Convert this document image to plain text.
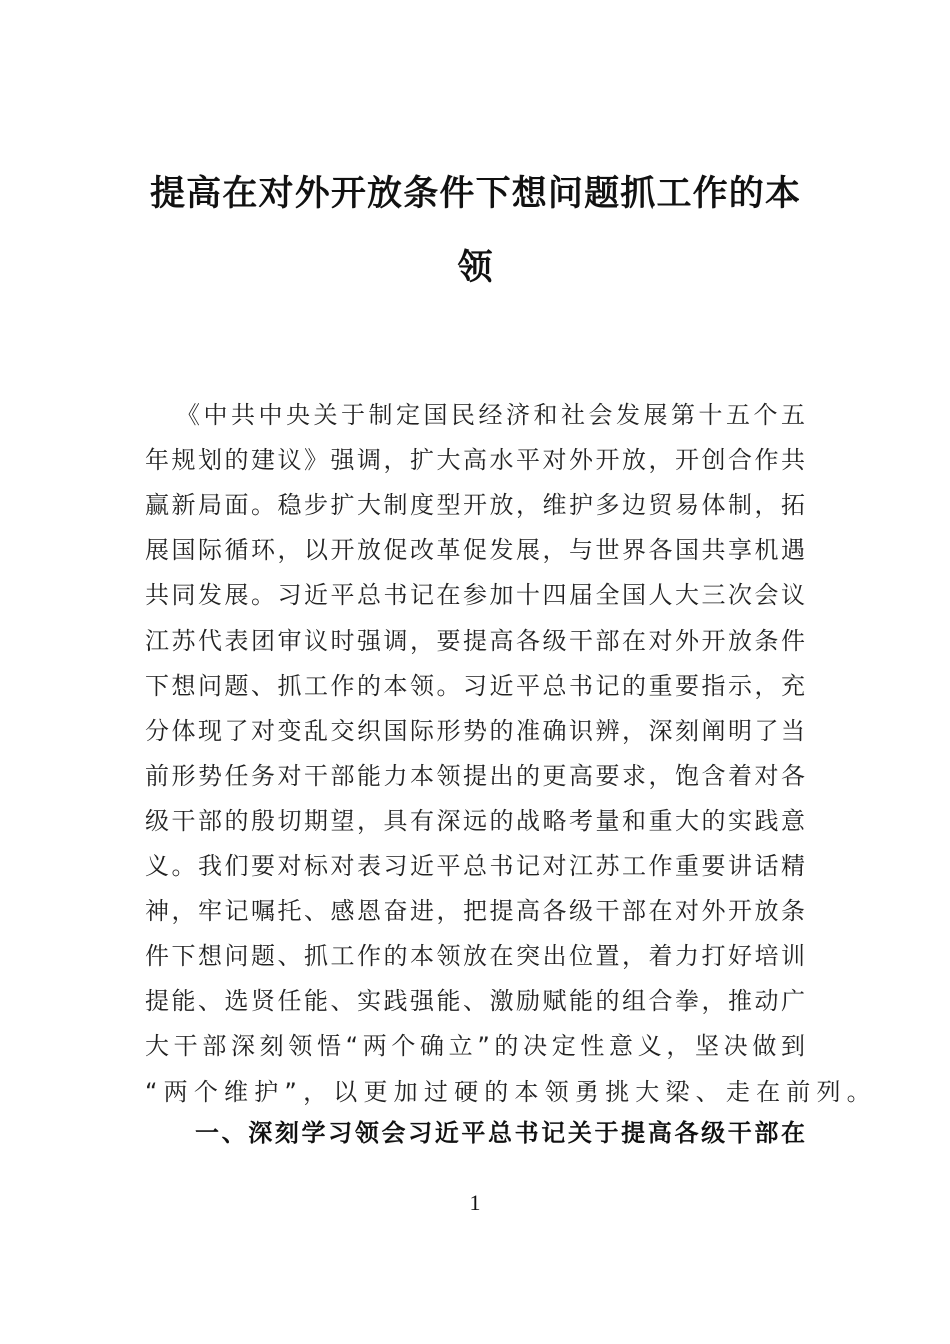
提高在对外开放条件下想问题抓工作的本
领
《中共中央关于制定国民经济和社会发展第十五个五
年规划的建议》强调，扩大高水平对外开放，开创合作共
赢新局面。稳步扩大制度型开放，维护多边贸易体制，拓
展国际循环，以开放促改革促发展，与世界各国共享机遇
共同发展。习近平总书记在参加十四届全国人大三次会议
江苏代表团审议时强调，要提高各级干部在对外开放条件
下想问题、抓工作的本领。习近平总书记的重要指示，充
分体现了对变乱交织国际形势的准确识辨，深刻阐明了当
前形势任务对干部能力本领提出的更高要求，饱含着对各
级干部的殷切期望，具有深远的战略考量和重大的实践意
义。我们要对标对表习近平总书记对江苏工作重要讲话精
神，牢记嘱托、感恩奋进，把提高各级干部在对外开放条
件下想问题、抓工作的本领放在突出位置，着力打好培训
提能、选贤任能、实践强能、激励赋能的组合拳，推动广
大干部深刻领悟“两个确立”的决定性意义，坚决做到
“两个维护”，以更加过硬的本领勇挑大梁、走在前列。
一、深刻学习领会习近平总书记关于提高各级干部在
1
